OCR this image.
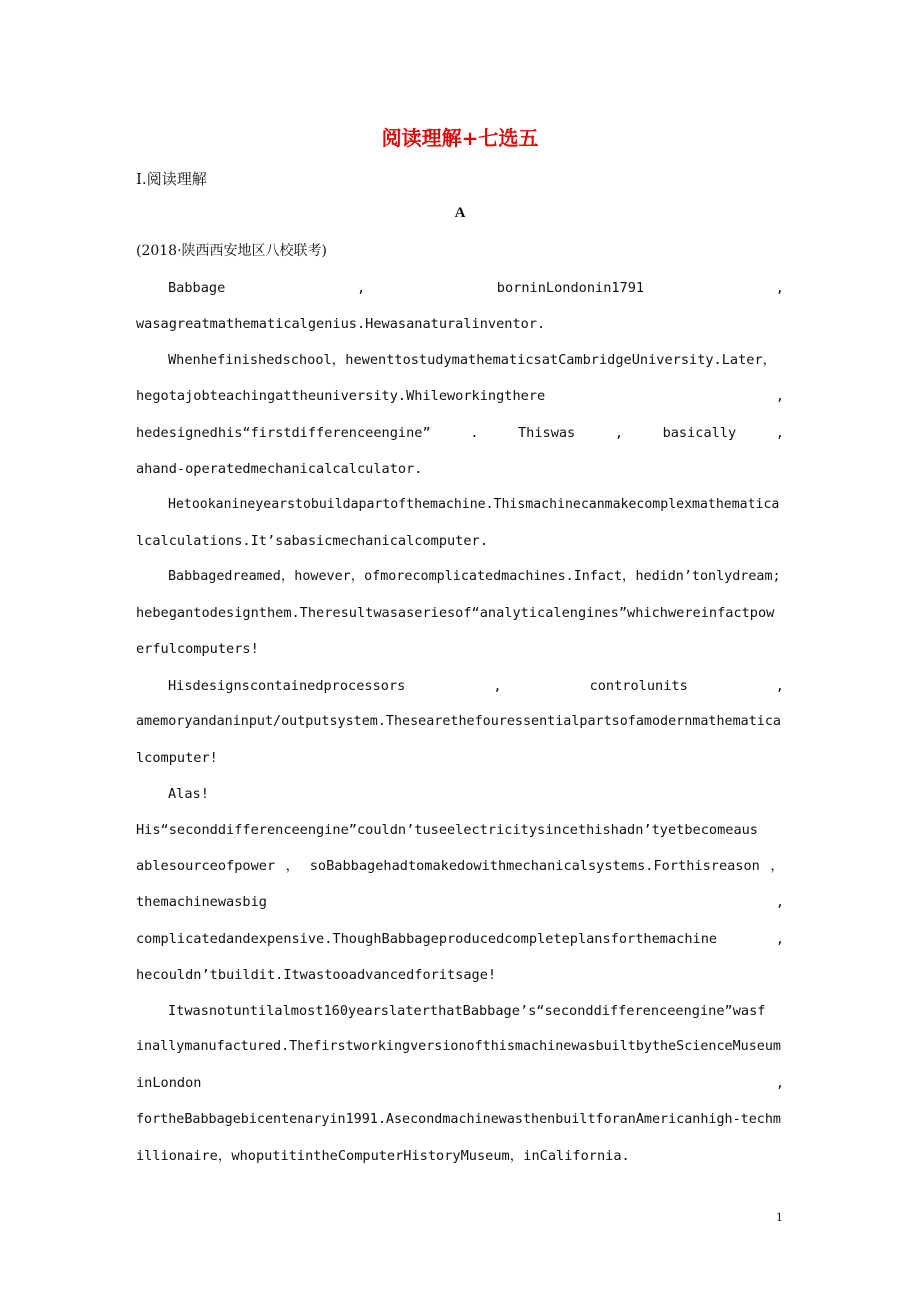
阅读理解+七选五
Ⅰ.阅读理解
A
(2018·陕西西安地区八校联考)
Babbage	,	borninLondonin1791	,
wasagreatmathematicalgenius.Hewasanaturalinventor.
Whenhefinishedschool，hewenttostudymathematicsatCambridgeUniversity.Later，
hegotajobteachingattheuniversity.Whileworkingthere	,
hedesignedhis“firstdifferenceengine”	.	Thiswas	,	basically	,
ahand-operatedmechanicalcalculator.
Hetookanineyearstobuildapartofthemachine.Thismachinecanmakecomplexmathematica
lcalculations.It’sabasicmechanicalcomputer.
Babbagedreamed，however，ofmorecomplicatedmachines.Infact，hedidn’tonlydream;
hebegantodesignthem.Theresultwasaseriesof“analyticalengines”whichwereinfactpow
erfulcomputers!
Hisdesignscontainedprocessors	,	controlunits	,
amemoryandaninput/outputsystem.Thesearethefouressentialpartsofamodernmathematica
lcomputer!
Alas!
His“seconddifferenceengine”couldn’tuseelectricitysincethishadn’tyetbecomeaus
ablesourceofpower ， soBabbagehadtomakedowithmechanicalsystems.Forthisreason ，
themachinewasbig	,
complicatedandexpensive.ThoughBabbageproducedcompleteplansforthemachine	,
hecouldn’tbuildit.Itwastooadvancedforitsage!
Itwasnotuntilalmost160yearslaterthatBabbage’s“seconddifferenceengine”wasf
inallymanufactured.ThefirstworkingversionofthismachinewasbuiltbytheScienceMuseum
inLondon	,
fortheBabbagebicentenaryin1991.AsecondmachinewasthenbuiltforanAmericanhigh-techm
illionaire，whoputitintheComputerHistoryMuseum，inCalifornia.
1
